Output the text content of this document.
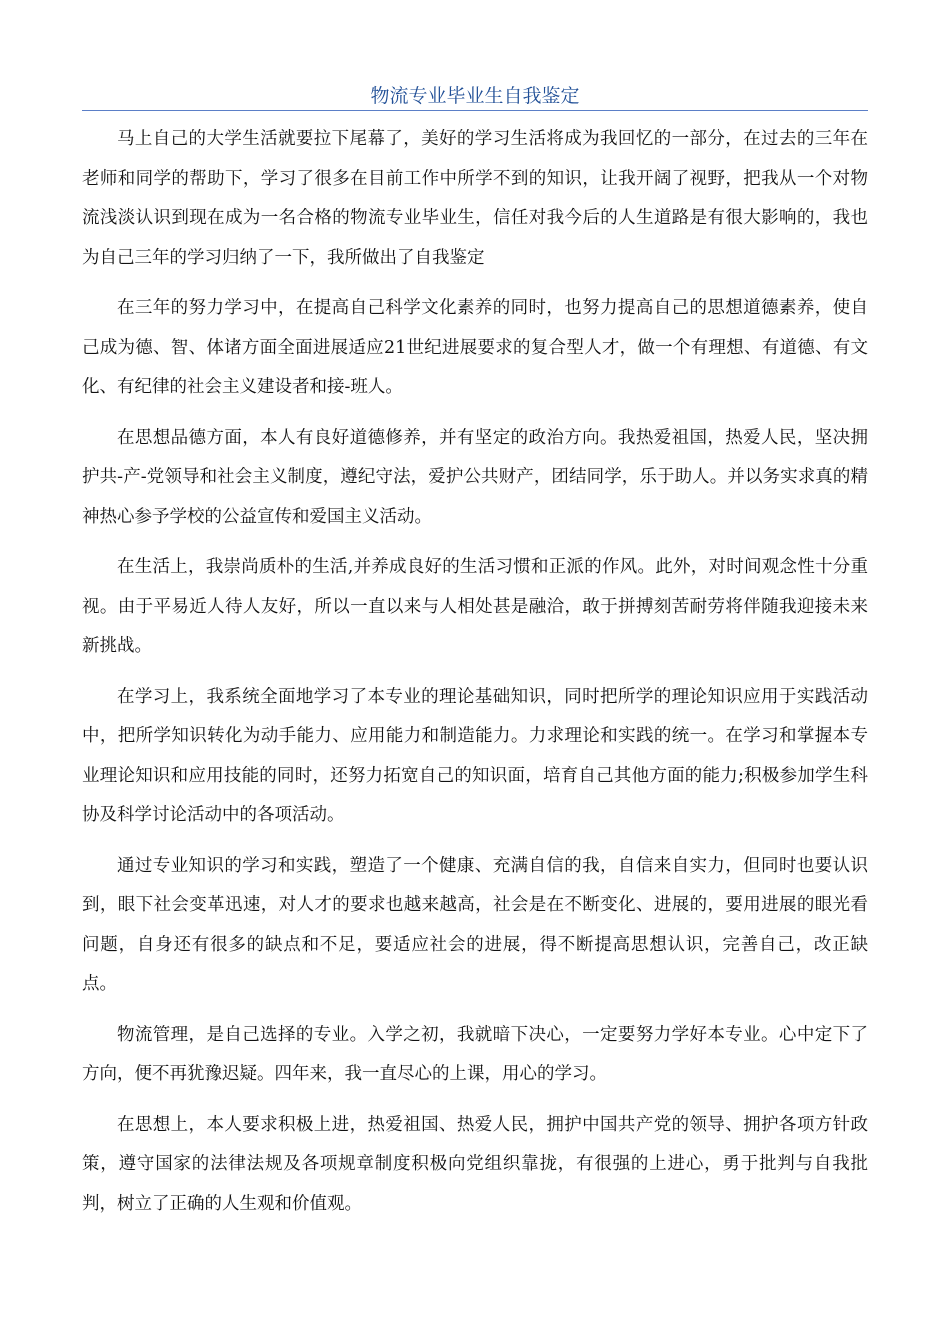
物流专业毕业生自我鉴定

马上自己的大学生活就要拉下尾幕了，美好的学习生活将成为我回忆的一部分，在过去的三年在老师和同学的帮助下，学习了很多在目前工作中所学不到的知识，让我开阔了视野，把我从一个对物流浅淡认识到现在成为一名合格的物流专业毕业生，信任对我今后的人生道路是有很大影响的，我也为自己三年的学习归纳了一下，我所做出了自我鉴定

在三年的努力学习中，在提高自己科学文化素养的同时，也努力提高自己的思想道德素养，使自己成为德、智、体诸方面全面进展适应21世纪进展要求的复合型人才，做一个有理想、有道德、有文化、有纪律的社会主义建设者和接-班人。

在思想品德方面，本人有良好道德修养，并有坚定的政治方向。我热爱祖国，热爱人民，坚决拥护共-产-党领导和社会主义制度，遵纪守法，爱护公共财产，团结同学，乐于助人。并以务实求真的精神热心参予学校的公益宣传和爱国主义活动。

在生活上，我崇尚质朴的生活,并养成良好的生活习惯和正派的作风。此外，对时间观念性十分重视。由于平易近人待人友好，所以一直以来与人相处甚是融洽，敢于拼搏刻苦耐劳将伴随我迎接未来新挑战。

在学习上，我系统全面地学习了本专业的理论基础知识，同时把所学的理论知识应用于实践活动中，把所学知识转化为动手能力、应用能力和制造能力。力求理论和实践的统一。在学习和掌握本专业理论知识和应用技能的同时，还努力拓宽自己的知识面，培育自己其他方面的能力;积极参加学生科协及科学讨论活动中的各项活动。

通过专业知识的学习和实践，塑造了一个健康、充满自信的我，自信来自实力，但同时也要认识到，眼下社会变革迅速，对人才的要求也越来越高，社会是在不断变化、进展的，要用进展的眼光看问题，自身还有很多的缺点和不足，要适应社会的进展，得不断提高思想认识，完善自己，改正缺点。

物流管理，是自己选择的专业。入学之初，我就暗下决心，一定要努力学好本专业。心中定下了方向，便不再犹豫迟疑。四年来，我一直尽心的上课，用心的学习。

在思想上，本人要求积极上进，热爱祖国、热爱人民，拥护中国共产党的领导、拥护各项方针政策，遵守国家的法律法规及各项规章制度积极向党组织靠拢，有很强的上进心，勇于批判与自我批判，树立了正确的人生观和价值观。
